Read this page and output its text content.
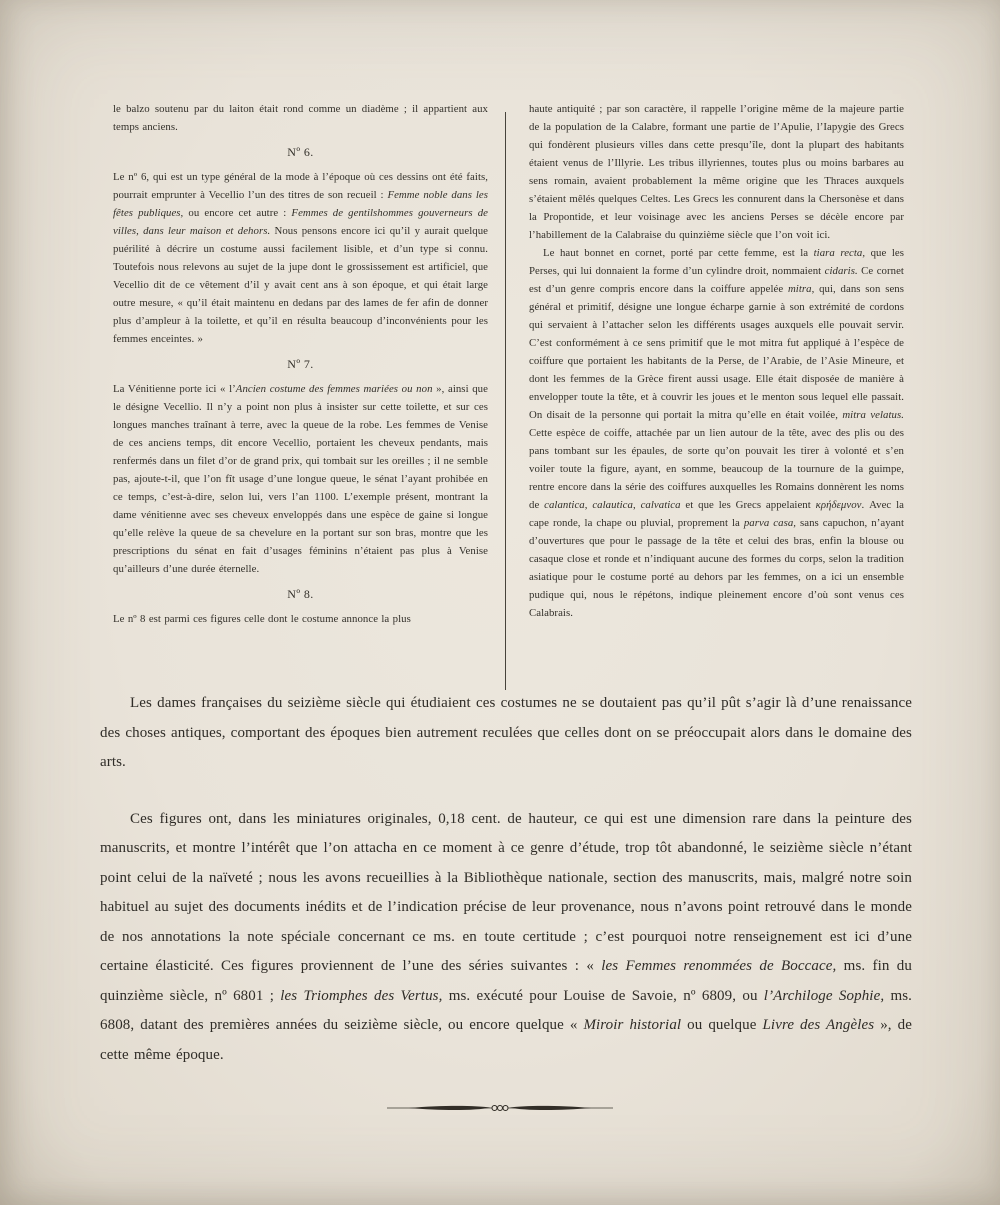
le balzo soutenu par du laiton était rond comme un diadème ; il appartient aux temps anciens.

Nº 6.

Le nº 6, qui est un type général de la mode à l’époque où ces dessins ont été faits, pourrait emprunter à Vecellio l’un des titres de son recueil : Femme noble dans les fêtes publiques, ou encore cet autre : Femmes de gentilshommes gouverneurs de villes, dans leur maison et dehors. Nous pensons encore ici qu’il y aurait quelque puérilité à décrire un costume aussi facilement lisible, et d’un type si connu. Toutefois nous relevons au sujet de la jupe dont le grossissement est artificiel, que Vecellio dit de ce vêtement d’il y avait cent ans à son époque, et qui était large outre mesure, « qu’il était maintenu en dedans par des lames de fer afin de donner plus d’ampleur à la toilette, et qu’il en résulta beaucoup d’inconvénients pour les femmes enceintes. »

Nº 7.

La Vénitienne porte ici « l’Ancien costume des femmes mariées ou non », ainsi que le désigne Vecellio. Il n’y a point non plus à insister sur cette toilette, et sur ces longues manches traînant à terre, avec la queue de la robe. Les femmes de Venise de ces anciens temps, dit encore Vecellio, portaient les cheveux pendants, mais renfermés dans un filet d’or de grand prix, qui tombait sur les oreilles ; il ne semble pas, ajoute-t-il, que l’on fît usage d’une longue queue, le sénat l’ayant prohibée en ce temps, c’est-à-dire, selon lui, vers l’an 1100. L’exemple présent, montrant la dame vénitienne avec ses cheveux enveloppés dans une espèce de gaine si longue qu’elle relève la queue de sa chevelure en la portant sur son bras, montre que les prescriptions du sénat en fait d’usages féminins n’étaient pas plus à Venise qu’ailleurs d’une durée éternelle.

Nº 8.

Le nº 8 est parmi ces figures celle dont le costume annonce la plus

haute antiquité ; par son caractère, il rappelle l’origine même de la majeure partie de la population de la Calabre, formant une partie de l’Apulie, l’Iapygie des Grecs qui fondèrent plusieurs villes dans cette presqu’île, dont la plupart des habitants étaient venus de l’Illyrie. Les tribus illyriennes, toutes plus ou moins barbares au sens romain, avaient probablement la même origine que les Thraces auxquels s’étaient mêlés quelques Celtes. Les Grecs les connurent dans la Chersonèse et dans la Propontide, et leur voisinage avec les anciens Perses se décèle encore par l’habillement de la Calabraise du quinzième siècle que l’on voit ici.

Le haut bonnet en cornet, porté par cette femme, est la tiara recta, que les Perses, qui lui donnaient la forme d’un cylindre droit, nommaient cidaris. Ce cornet est d’un genre compris encore dans la coiffure appelée mitra, qui, dans son sens général et primitif, désigne une longue écharpe garnie à son extrémité de cordons qui servaient à l’attacher selon les différents usages auxquels elle pouvait servir. C’est conformément à ce sens primitif que le mot mitra fut appliqué à l’espèce de coiffure que portaient les habitants de la Perse, de l’Arabie, de l’Asie Mineure, et dont les femmes de la Grèce firent aussi usage. Elle était disposée de manière à envelopper toute la tête, et à couvrir les joues et le menton sous lequel elle passait. On disait de la personne qui portait la mitra qu’elle en était voilée, mitra velatus. Cette espèce de coiffe, attachée par un lien autour de la tête, avec des plis ou des pans tombant sur les épaules, de sorte qu’on pouvait les tirer à volonté et s’en voiler toute la figure, ayant, en somme, beaucoup de la tournure de la guimpe, rentre encore dans la série des coiffures auxquelles les Romains donnèrent les noms de calantica, calautica, calvatica et que les Grecs appelaient κρήδεμνον. Avec la cape ronde, la chape ou pluvial, proprement la parva casa, sans capuchon, n’ayant d’ouvertures que pour le passage de la tête et celui des bras, enfin la blouse ou casaque close et ronde et n’indiquant aucune des formes du corps, selon la tradition asiatique pour le costume porté au dehors par les femmes, on a ici un ensemble pudique qui, nous le répétons, indique pleinement encore d’où sont venus ces Calabrais.

Les dames françaises du seizième siècle qui étudiaient ces costumes ne se doutaient pas qu’il pût s’agir là d’une renaissance des choses antiques, comportant des époques bien autrement reculées que celles dont on se préoccupait alors dans le domaine des arts.

Ces figures ont, dans les miniatures originales, 0,18 cent. de hauteur, ce qui est une dimension rare dans la peinture des manuscrits, et montre l’intérêt que l’on attacha en ce moment à ce genre d’étude, trop tôt abandonné, le seizième siècle n’étant point celui de la naïveté ; nous les avons recueillies à la Bibliothèque nationale, section des manuscrits, mais, malgré notre soin habituel au sujet des documents inédits et de l’indication précise de leur provenance, nous n’avons point retrouvé dans le monde de nos annotations la note spéciale concernant ce ms. en toute certitude ; c’est pourquoi notre renseignement est ici d’une certaine élasticité. Ces figures proviennent de l’une des séries suivantes : « les Femmes renommées de Boccace, ms. fin du quinzième siècle, nº 6801 ; les Triomphes des Vertus, ms. exécuté pour Louise de Savoie, nº 6809, ou l’Archiloge Sophie, ms. 6808, datant des premières années du seizième siècle, ou encore quelque « Miroir historial ou quelque Livre des Angèles », de cette même époque.
